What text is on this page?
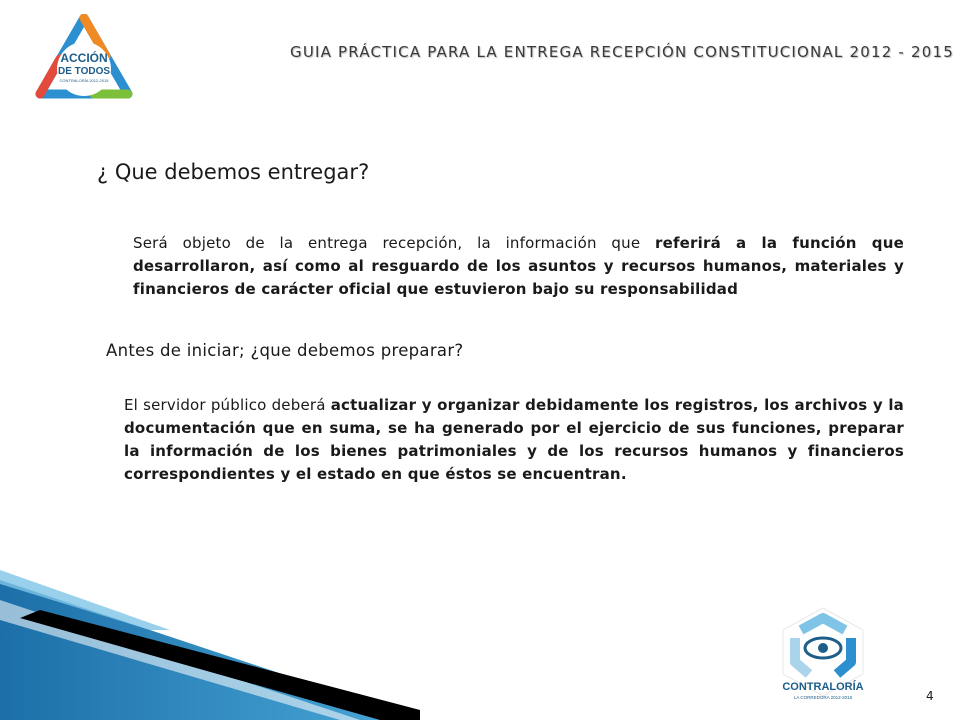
ACCIÓN
DE TODOS
CONTRALORÍA 2012-2015
GUIA PRÁCTICA PARA LA ENTREGA RECEPCIÓN CONSTITUCIONAL 2012 - 2015
¿ Que debemos entregar?
Será objeto de la entrega recepción, la información que referirá a la función que desarrollaron, así como al resguardo de los asuntos y recursos humanos, materiales y financieros de carácter oficial que estuvieron bajo su responsabilidad
Antes de iniciar; ¿que debemos preparar?
El servidor público deberá actualizar y organizar debidamente los registros, los archivos y la documentación que en suma, se ha generado por el ejercicio de sus funciones, preparar la información de los bienes patrimoniales y de los recursos humanos y financieros correspondientes y el estado en que éstos se encuentran.
CONTRALORÍA
LA CORREDORA 2012-2015	4
